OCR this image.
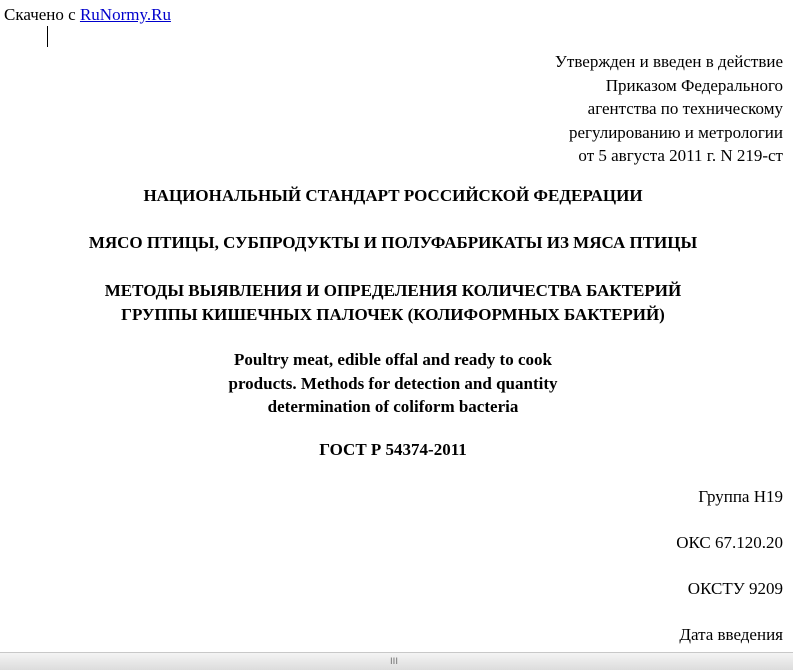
Скачено с RuNormy.Ru
Утвержден и введен в действие
Приказом Федерального
агентства по техническому
регулированию и метрологии
от 5 августа 2011 г. N 219-ст
НАЦИОНАЛЬНЫЙ СТАНДАРТ РОССИЙСКОЙ ФЕДЕРАЦИИ
МЯСО ПТИЦЫ, СУБПРОДУКТЫ И ПОЛУФАБРИКАТЫ ИЗ МЯСА ПТИЦЫ
МЕТОДЫ ВЫЯВЛЕНИЯ И ОПРЕДЕЛЕНИЯ КОЛИЧЕСТВА БАКТЕРИЙ
ГРУППЫ КИШЕЧНЫХ ПАЛОЧЕК (КОЛИФОРМНЫХ БАКТЕРИЙ)
Poultry meat, edible offal and ready to cook
products. Methods for detection and quantity
determination of coliform bacteria
ГОСТ Р 54374-2011
Группа Н19
ОКС 67.120.20
ОКСТУ 9209
Дата введения
III
